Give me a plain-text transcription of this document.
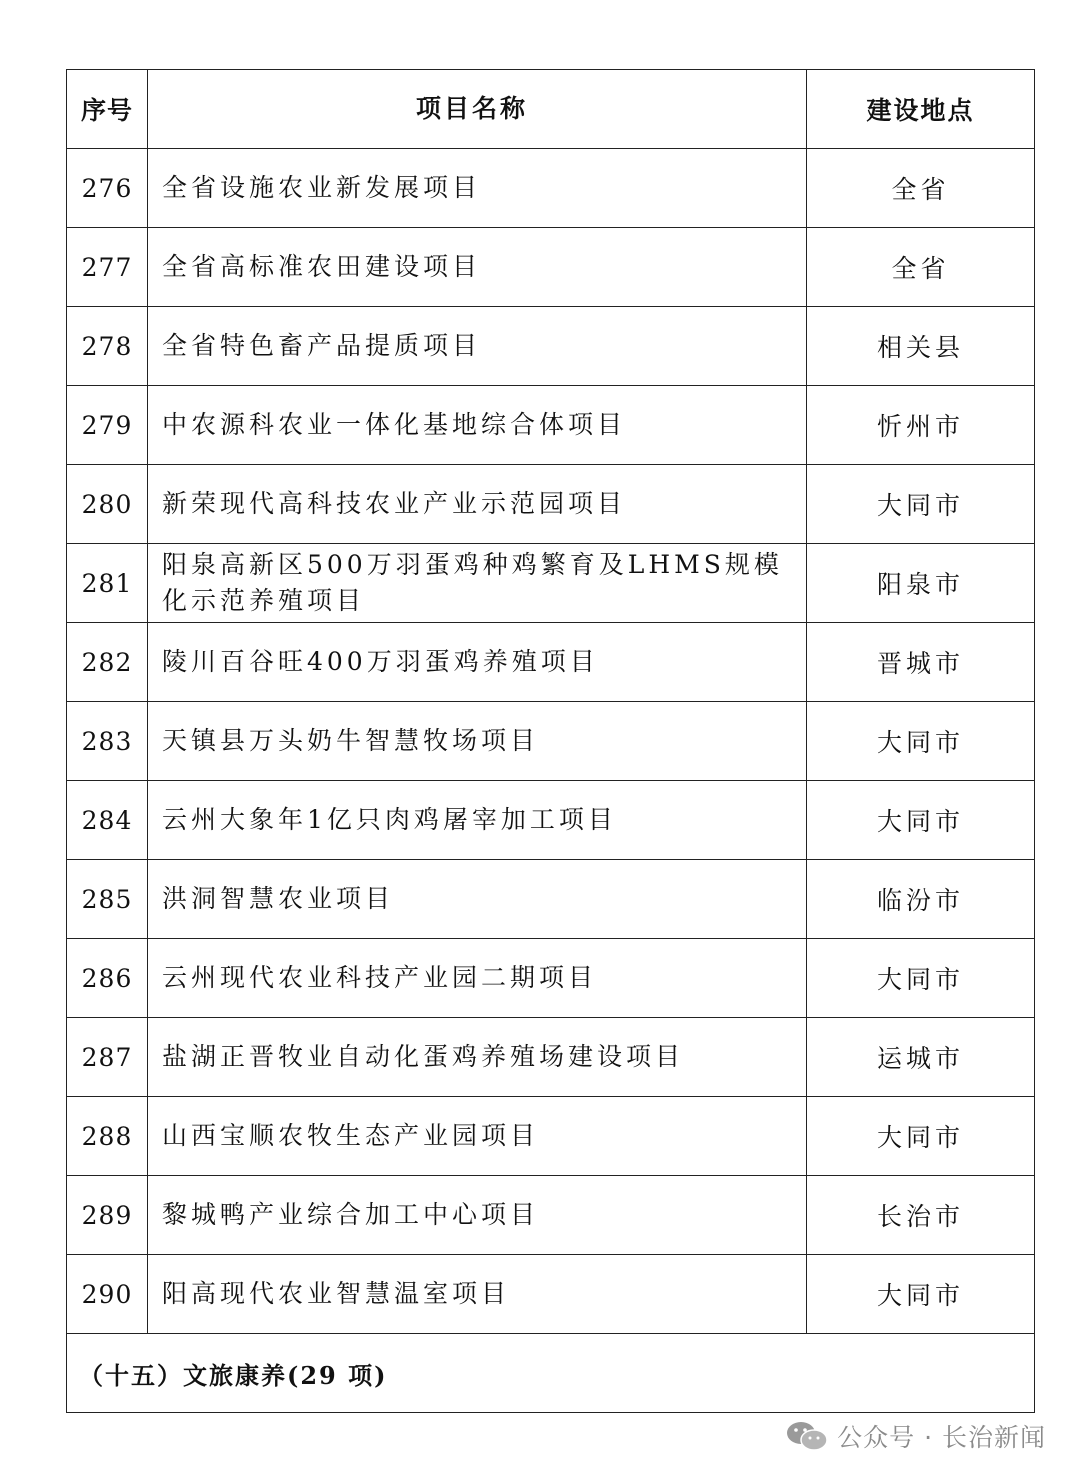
序号	项目名称	建设地点
276	全省设施农业新发展项目	全省
277	全省高标准农田建设项目	全省
278	全省特色畜产品提质项目	相关县
279	中农源科农业一体化基地综合体项目	忻州市
280	新荣现代高科技农业产业示范园项目	大同市
281	阳泉高新区500万羽蛋鸡种鸡繁育及LHMS规模化示范养殖项目	阳泉市
282	陵川百谷旺400万羽蛋鸡养殖项目	晋城市
283	天镇县万头奶牛智慧牧场项目	大同市
284	云州大象年1亿只肉鸡屠宰加工项目	大同市
285	洪洞智慧农业项目	临汾市
286	云州现代农业科技产业园二期项目	大同市
287	盐湖正晋牧业自动化蛋鸡养殖场建设项目	运城市
288	山西宝顺农牧生态产业园项目	大同市
289	黎城鸭产业综合加工中心项目	长治市
290	阳高现代农业智慧温室项目	大同市
（十五）文旅康养(29 项)		
公众号 · 长治新闻
